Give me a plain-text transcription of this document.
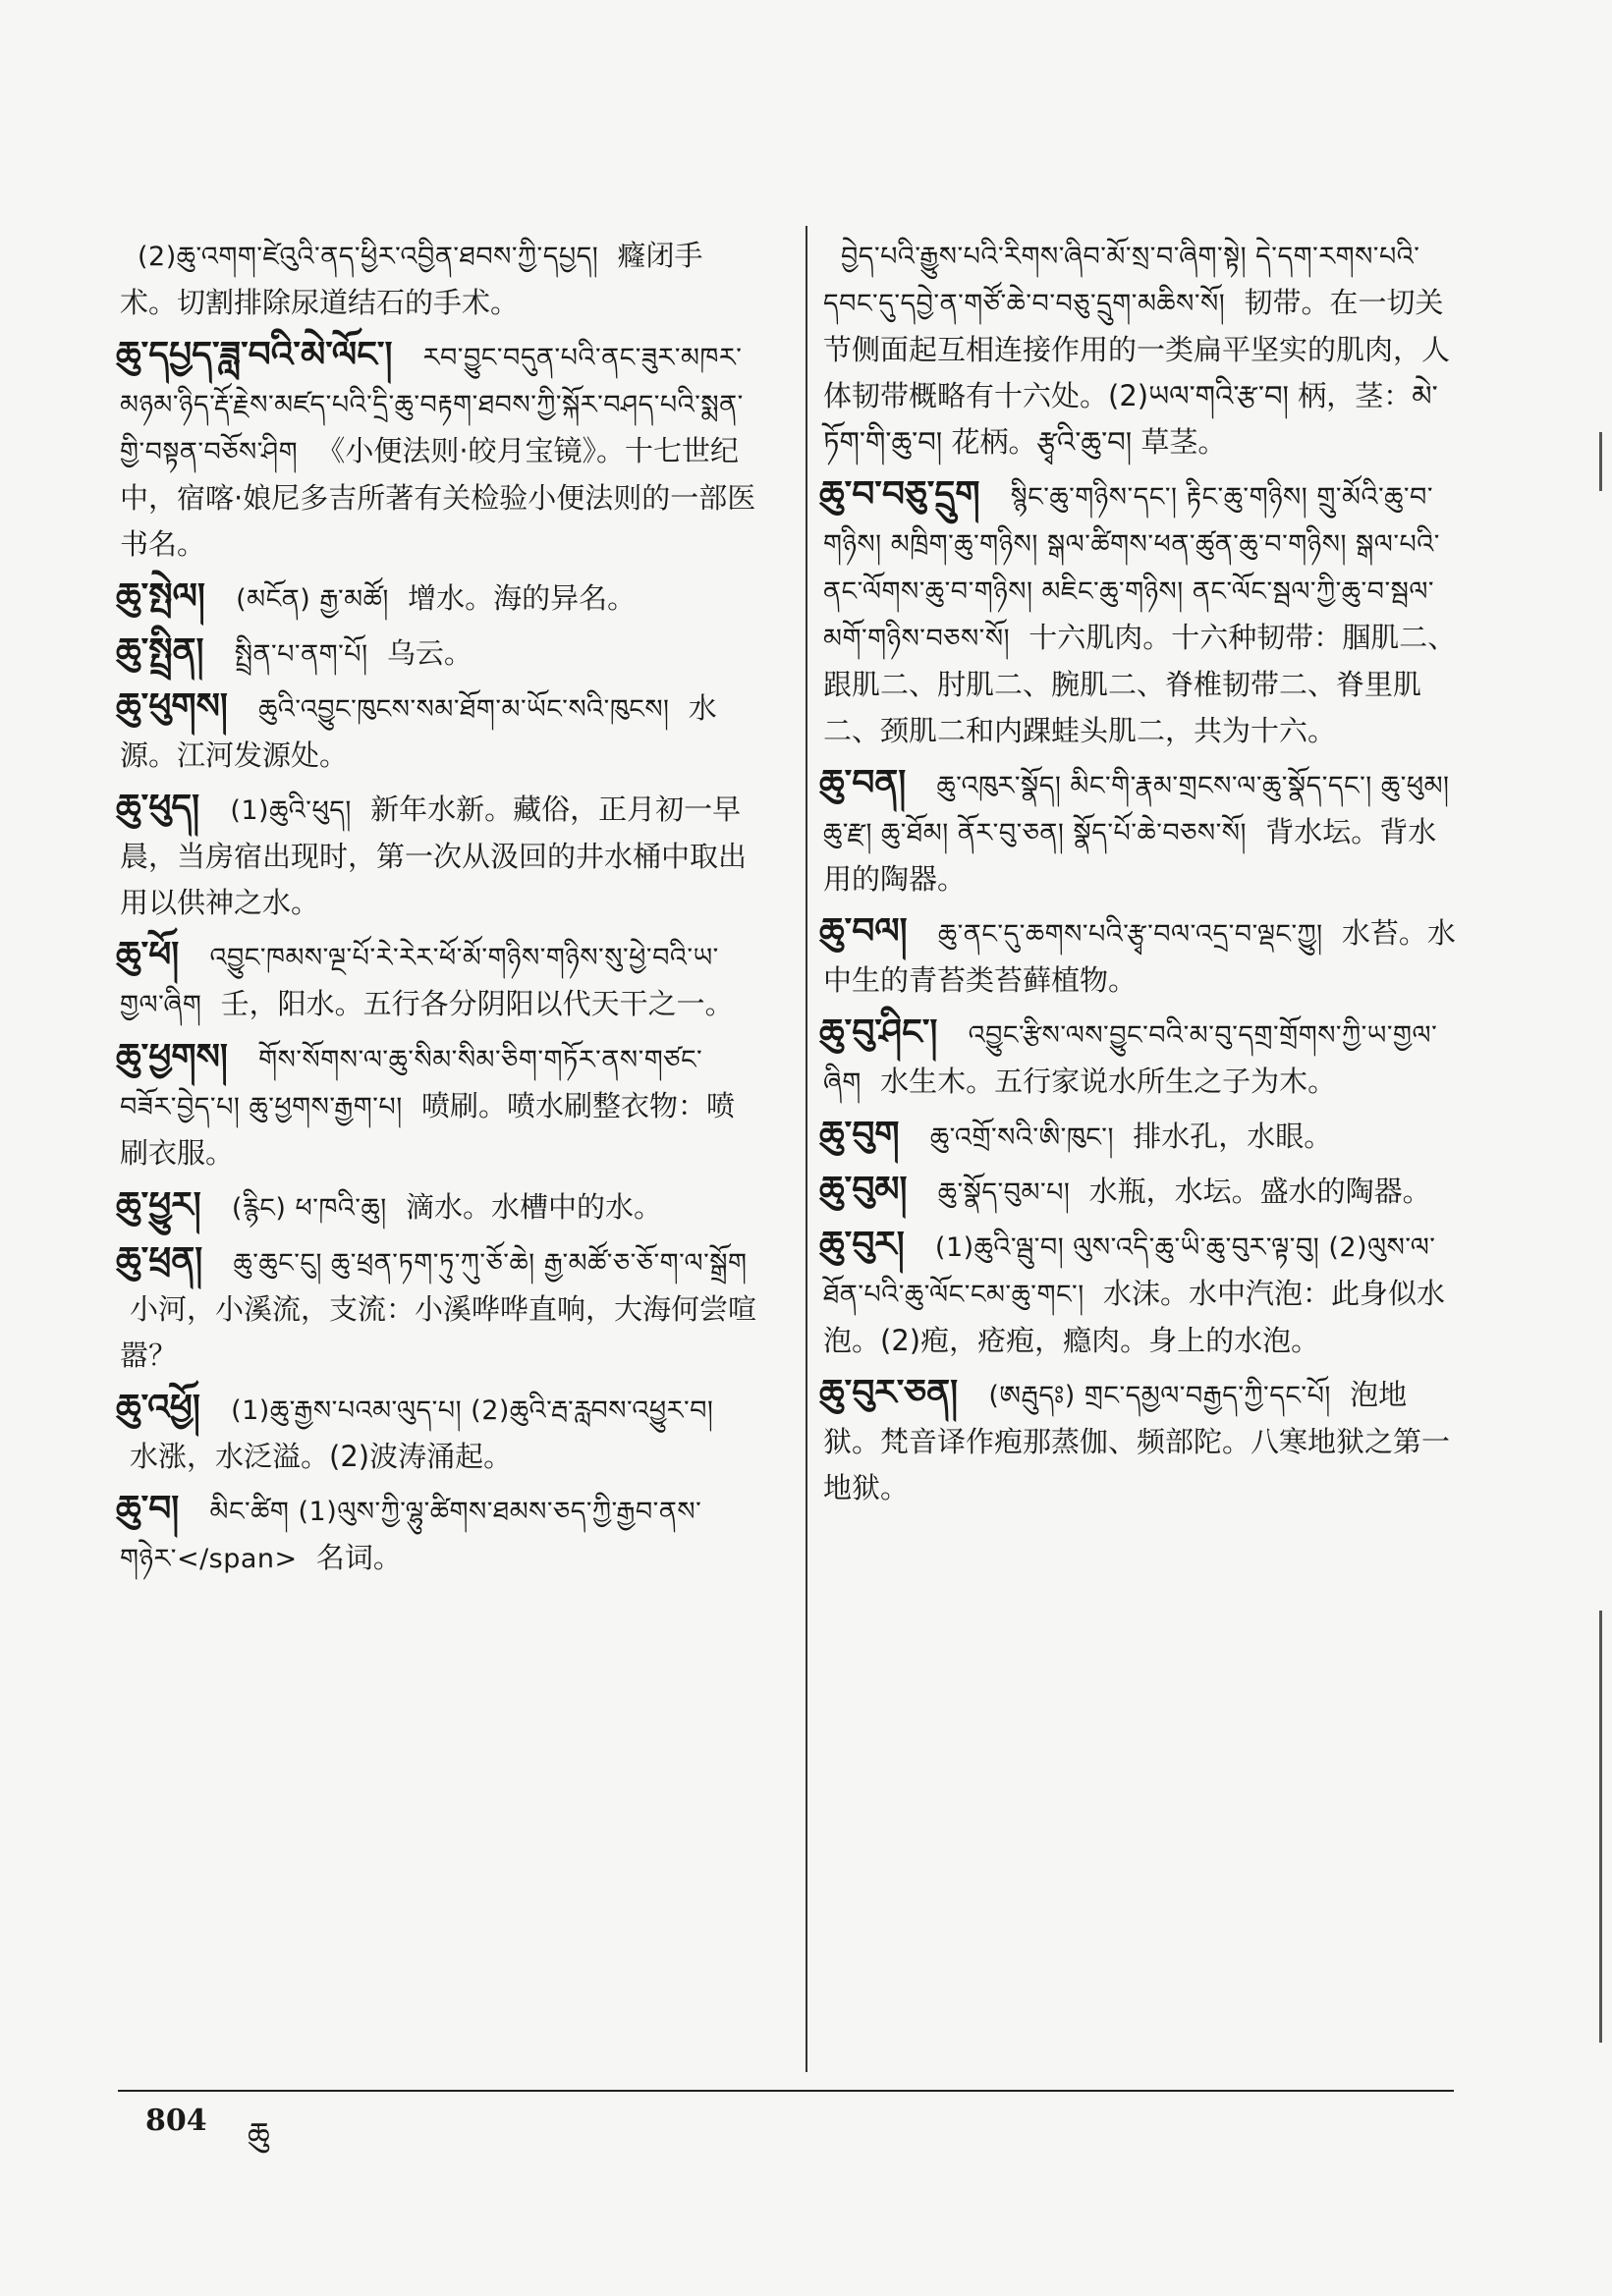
(2)ཆུ་འགག་ཛེའུའི་ནད་ཕྱིར་འབྱིན་ཐབས་ཀྱི་དཔྱད། 癃闭手术。切割排除尿道结石的手术。
ཆུ་དཔྱད་ཟླ་བའི་མེ་ལོང་། རབ་བྱུང་བདུན་པའི་ནང་ཟུར་མཁར་མཉམ་ཉིད་རྡོ་རྗེས་མཛད་པའི་དྲི་ཆུ་བརྟག་ཐབས་ཀྱི་སྐོར་བཤད་པའི་སྨན་གྱི་བསྟན་བཅོས་ཤིག 《小便法则·皎月宝镜》。十七世纪中，宿喀·娘尼多吉所著有关检验小便法则的一部医书名。
ཆུ་སྤེལ། (མངོན) རྒྱ་མཚོ། 增水。海的异名。
ཆུ་སྤྲིན། སྤྲིན་པ་ནག་པོ། 乌云。
ཆུ་ཕུགས། ཆུའི་འབྱུང་ཁུངས་སམ་ཐོག་མ་ཡོང་སའི་ཁུངས། 水源。江河发源处。
ཆུ་ཕུད། (1)ཆུའི་ཕུད། 新年水新。藏俗，正月初一早晨，当房宿出现时，第一次从汲回的井水桶中取出用以供神之水。
ཆུ་ཕོ། འབྱུང་ཁམས་ལྔ་པོ་རེ་རེར་ཕོ་མོ་གཉིས་གཉིས་སུ་ཕྱེ་བའི་ཡ་གྱལ་ཞིག 壬，阳水。五行各分阴阳以代天干之一。
ཆུ་ཕྱགས། གོས་སོགས་ལ་ཆུ་སིམ་སིམ་ཅིག་གཏོར་ནས་གཙང་བཟོར་བྱེད་པ། ཆུ་ཕྱགས་རྒྱག་པ། 喷刷。喷水刷整衣物：喷刷衣服。
ཆུ་ཕྱུར། (རྙིང) ཕ་ཁའི་ཆུ། 滴水。水槽中的水。
ཆུ་ཕྲན། ཆུ་ཆུང་ངུ། ཆུ་ཕྲན་ཏག་ཏུ་ཀུ་ཅོ་ཆེ། རྒྱ་མཚོ་ཅ་ཅོ་ག་ལ་སྒྲོག 小河，小溪流，支流：小溪哗哗直响，大海何尝喧嚣？
ཆུ་འཕྱོ། (1)ཆུ་རྒྱས་པའམ་ལུད་པ། (2)ཆུའི་རྦ་རླབས་འཕྱུར་བ། 水涨，水泛溢。(2)波涛涌起。
ཆུ་བ། མིང་ཚིག (1)ལུས་ཀྱི་ལྷུ་ཚིགས་ཐམས་ཅད་ཀྱི་རྒྱབ་ནས་གཉེར་</span> 名词。
བྱེད་པའི་རྒྱུས་པའི་རིགས་ཞིབ་མོ་སྲ་བ་ཞིག་སྟེ། དེ་དག་རགས་པའི་དབང་དུ་དབྱེ་ན་གཙོ་ཆེ་བ་བཅུ་དྲུག་མཆིས་སོ། 韧带。在一切关节侧面起互相连接作用的一类扁平坚实的肌肉，人体韧带概略有十六处。(2)ཡལ་གའི་རྩ་བ། 柄，茎：མེ་ཏོག་གི་ཆུ་བ། 花柄。རྩྭའི་ཆུ་བ། 草茎。
ཆུ་བ་བཅུ་དྲུག སྙིང་ཆུ་གཉིས་དང་། རྟིང་ཆུ་གཉིས། གྲུ་མོའི་ཆུ་བ་གཉིས། མཁྲིག་ཆུ་གཉིས། སྒལ་ཚིགས་ཕན་ཚུན་ཆུ་བ་གཉིས། སྒལ་པའི་ནང་ལོགས་ཆུ་བ་གཉིས། མཇིང་ཆུ་གཉིས། ནང་ལོང་སྦལ་ཀྱི་ཆུ་བ་སྦལ་མགོ་གཉིས་བཅས་སོ། 十六肌肉。十六种韧带：腘肌二、跟肌二、肘肌二、腕肌二、脊椎韧带二、脊里肌二、颈肌二和内踝蛙头肌二，共为十六。
ཆུ་བན། ཆུ་འཁུར་སྣོད། མིང་གི་རྣམ་གྲངས་ལ་ཆུ་སྣོད་དང་། ཆུ་ཕུམ། ཆུ་རྫ། ཆུ་ཐོམ། ནོར་བུ་ཅན། སྣོད་པོ་ཆེ་བཅས་སོ། 背水坛。背水用的陶器。
ཆུ་བལ། ཆུ་ནང་དུ་ཆགས་པའི་རྩྭ་བལ་འདྲ་བ་ལྡང་ཀྱུ། 水苔。水中生的青苔类苔藓植物。
ཆུ་བུ་ཤིང་། འབྱུང་རྩིས་ལས་བྱུང་བའི་མ་བུ་དགྲ་གྲོགས་ཀྱི་ཡ་གྱལ་ཞིག 水生木。五行家说水所生之子为木。
ཆུ་བུག ཆུ་འགྲོ་སའི་ཨི་ཁུང་། 排水孔，水眼。
ཆུ་བུམ། ཆུ་སྣོད་བུམ་པ། 水瓶，水坛。盛水的陶器。
ཆུ་བུར། (1)ཆུའི་ལྦུ་བ། ལུས་འདི་ཆུ་ཡི་ཆུ་བུར་ལྟ་བུ། (2)ལུས་ལ་ཐོན་པའི་ཆུ་ལོང་ངམ་ཆུ་གང་། 水沫。水中汽泡：此身似水泡。(2)疱，疮疱，瘾肉。身上的水泡。
ཆུ་བུར་ཅན། (ཨརྦུདཿ) གྲང་དམྱལ་བརྒྱད་ཀྱི་དང་པོ། 泡地狱。梵音译作疱那蒸伽、频部陀。八寒地狱之第一地狱。
804 ཆུ
